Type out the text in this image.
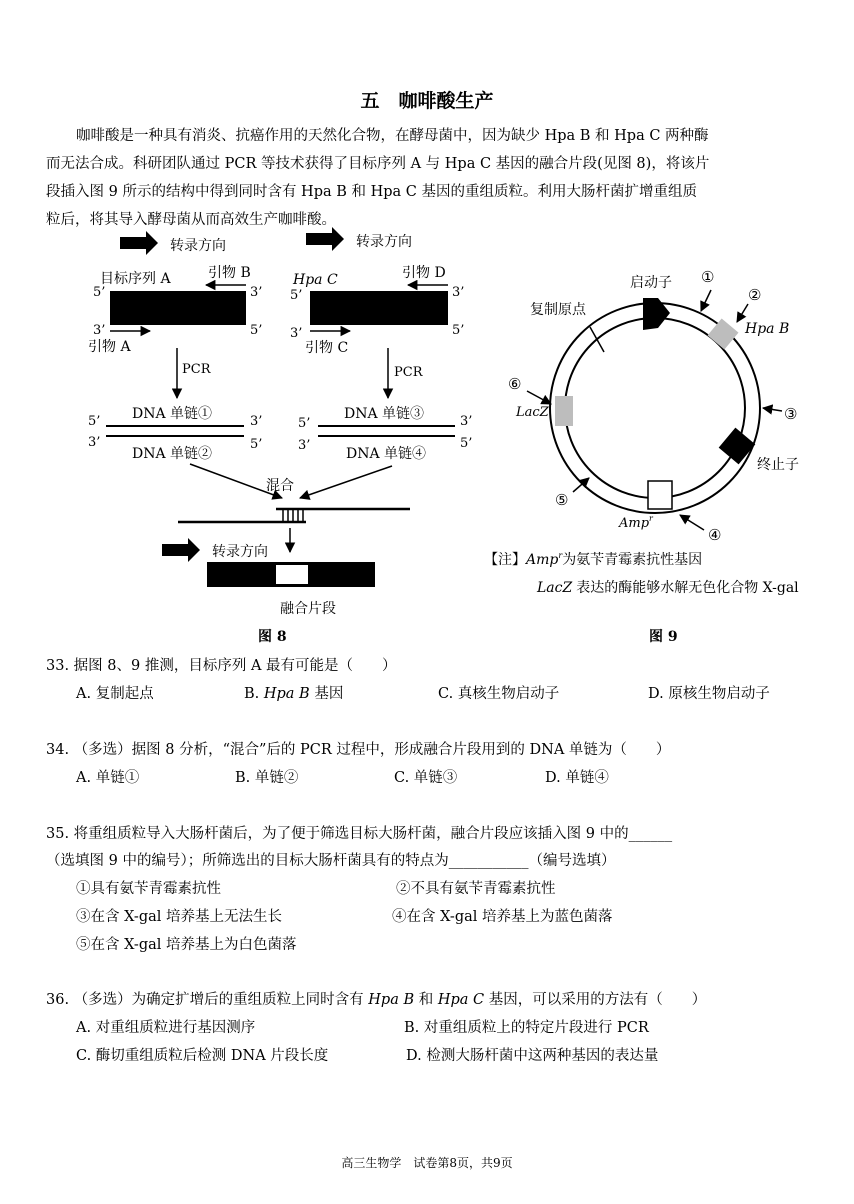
五　咖啡酸生产
咖啡酸是一种具有消炎、抗癌作用的天然化合物，在酵母菌中，因为缺少 Hpa B 和 Hpa C 两种酶
而无法合成。科研团队通过 PCR 等技术获得了目标序列 A 与 Hpa C 基因的融合片段(见图 8)，将该片
段插入图 9 所示的结构中得到同时含有 Hpa B 和 Hpa C 基因的重组质粒。利用大肠杆菌扩增重组质
粒后，将其导入酵母菌从而高效生产咖啡酸。
转录方向	转录方向
目标序列 A	引物 B
5’	3’
3’	5’
引物 A
Hpa C	引物 D
5’	3’
3’	5’
引物 C
PCR	PCR
DNA 单链①
5’	3’
3’	5’
DNA 单链②
DNA 单链③
5’	3’
3’	5’
DNA 单链④
混合
转录方向
融合片段
图 8
启动子
复制原点
Hpa B
LacZ
终止子
Amp$^r$
①
②
③
④
⑤
⑥
【注】Amp$^r$为氨苄青霉素抗性基因
LacZ 表达的酶能够水解无色化合物 X-gal
图 9
33. 据图 8、9 推测，目标序列 A 最有可能是（　　）
A. 复制起点	B. Hpa B 基因	C. 真核生物启动子	D. 原核生物启动子
34. （多选）据图 8 分析，“混合”后的 PCR 过程中，形成融合片段用到的 DNA 单链为（　　）
A. 单链①	B. 单链②	C. 单链③	D. 单链④
35. 将重组质粒导入大肠杆菌后，为了便于筛选目标大肠杆菌，融合片段应该插入图 9 中的______
（选填图 9 中的编号）；所筛选出的目标大肠杆菌具有的特点为___________（编号选填）
①具有氨苄青霉素抗性	②不具有氨苄青霉素抗性
③在含 X-gal 培养基上无法生长	④在含 X-gal 培养基上为蓝色菌落
⑤在含 X-gal 培养基上为白色菌落
36. （多选）为确定扩增后的重组质粒上同时含有 Hpa B 和 Hpa C 基因，可以采用的方法有（　　）
A. 对重组质粒进行基因测序	B. 对重组质粒上的特定片段进行 PCR
C. 酶切重组质粒后检测 DNA 片段长度	D. 检测大肠杆菌中这两种基因的表达量
高三生物学　试卷第8页，共9页
